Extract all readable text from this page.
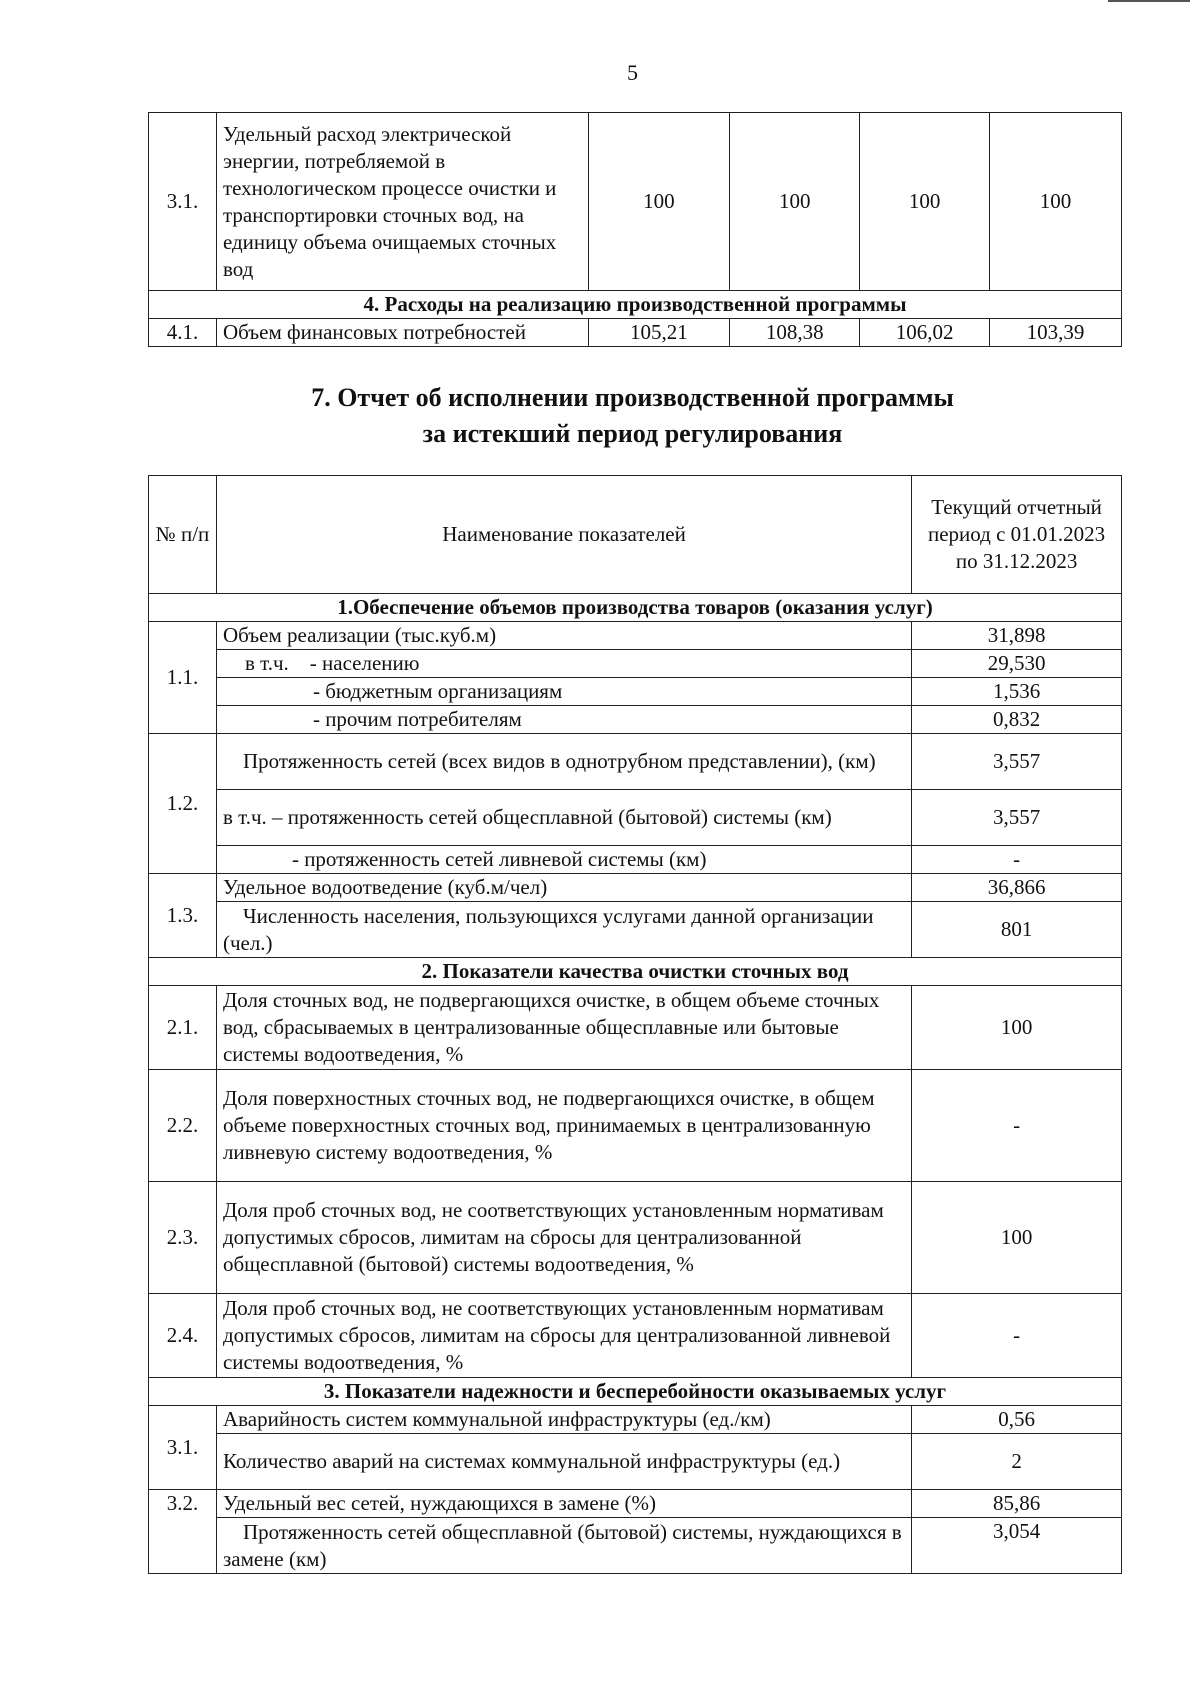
5
3.1.	Удельный расход электрической энергии, потребляемой в технологическом процессе очистки и транспортировки сточных вод, на единицу объема очищаемых сточных вод	100	100	100	100
4. Расходы на реализацию производственной программы					
4.1.	Объем финансовых потребностей	105,21	108,38	106,02	103,39
7. Отчет об исполнении производственной программы
за истекший период регулирования
№ п/п	Наименование показателей	Текущий отчетный период с 01.01.2023 по 31.12.2023
1.Обеспечение объемов производства товаров (оказания услуг)		
1.1.	Объем реализации (тыс.куб.м)	31,898
	в т.ч.    - населению	29,530
	- бюджетным организациям	1,536
	- прочим потребителям	0,832
1.2.	Протяженность сетей (всех видов в однотрубном представлении), (км)	3,557
	в т.ч. – протяженность сетей общесплавной (бытовой) системы (км)	3,557
	- протяженность сетей ливневой системы (км)	-
1.3.	Удельное водоотведение (куб.м/чел)	36,866
	Численность населения, пользующихся услугами данной организации (чел.)	801
2. Показатели качества очистки сточных вод		
2.1.	Доля сточных вод, не подвергающихся очистке, в общем объеме сточных вод, сбрасываемых в централизованные общесплавные или бытовые системы водоотведения, %	100
2.2.	Доля поверхностных сточных вод, не подвергающихся очистке, в общем объеме поверхностных сточных вод, принимаемых в централизованную ливневую систему водоотведения, %	-
2.3.	Доля проб сточных вод, не соответствующих установленным нормативам допустимых сбросов, лимитам на сбросы для централизованной общесплавной (бытовой) системы водоотведения, %	100
2.4.	Доля проб сточных вод, не соответствующих установленным нормативам допустимых сбросов, лимитам на сбросы для централизованной ливневой системы водоотведения, %	-
3. Показатели надежности и бесперебойности оказываемых услуг		
3.1.	Аварийность систем коммунальной инфраструктуры (ед./км)	0,56
	Количество аварий на системах коммунальной инфраструктуры (ед.)	2
3.2.	Удельный вес сетей, нуждающихся в замене (%)	85,86
	Протяженность сетей общесплавной (бытовой) системы, нуждающихся в замене (км)	3,054
